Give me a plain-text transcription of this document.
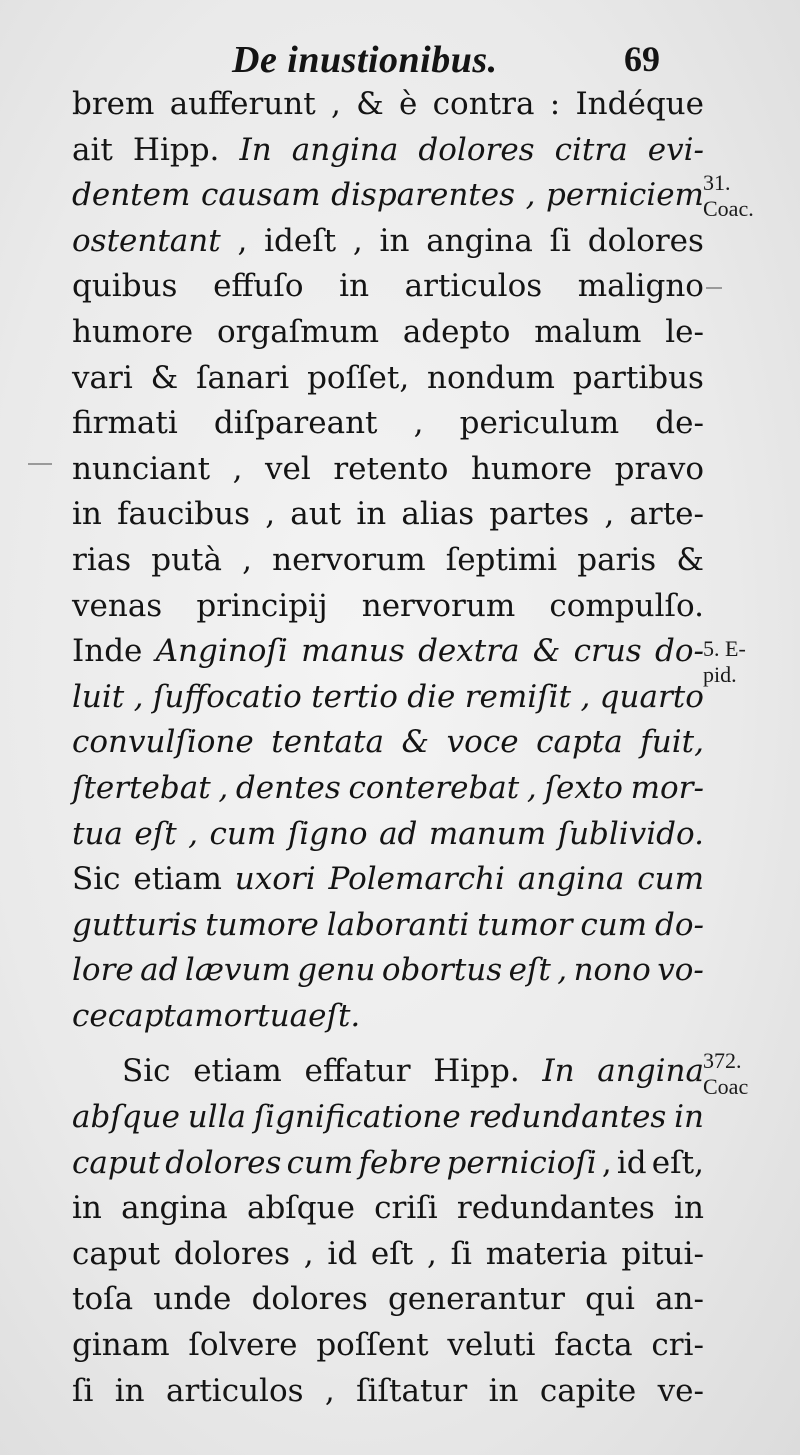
De inustionibus.	69
brem aufferunt , & è contra : Indéque
ait Hipp. In angina dolores citra evi-
dentem causam disparentes , perniciem
ostentant , ideſt , in angina ſi dolores
quibus effuſo in articulos maligno
humore orgaſmum adepto malum le-
vari & ſanari poſſet, nondum partibus
firmati diſpareant , periculum de-
nunciant , vel retento humore pravo
in faucibus , aut in alias partes , arte-
rias putà , nervorum ſeptimi paris &
venas principij nervorum compulſo.
Inde Anginoſi manus dextra & crus do-
luit , ſuffocatio tertio die remiſit , quarto
convulſione tentata & voce capta fuit,
ſtertebat , dentes conterebat , ſexto mor-
tua eſt , cum ſigno ad manum ſublivido.
Sic etiam uxori Polemarchi angina cum
gutturis tumore laboranti tumor cum do-
lore ad lævum genu obortus eſt , nono vo-
ce capta mortua eſt.
Sic etiam effatur Hipp. In angina
abſque ulla ſignificatione redundantes in
caput dolores cum febre pernicioſi , id eſt,
in angina abſque criſi redundantes in
caput dolores , id eſt , ſi materia pitui-
toſa unde dolores generantur qui an-
ginam ſolvere poſſent veluti facta cri-
ſi in articulos , ſiſtatur in capite ve-
31.
Coac.
5. E-
pid.
372.
Coac
